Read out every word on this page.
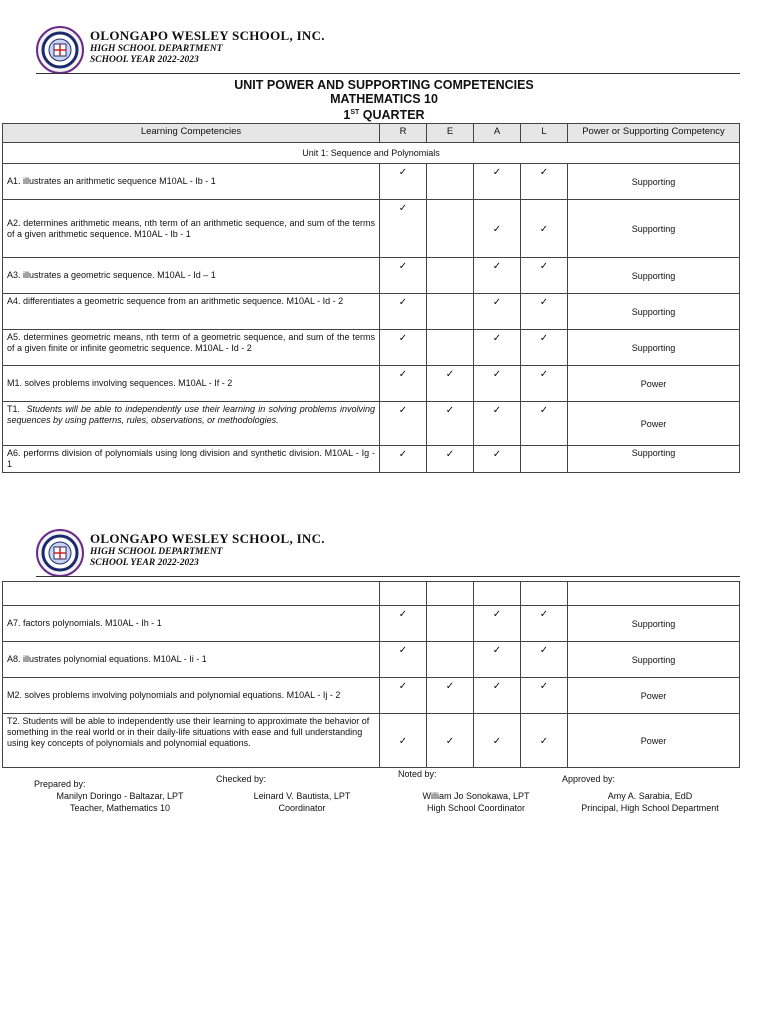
OLONGAPO WESLEY SCHOOL, INC.
HIGH SCHOOL DEPARTMENT
SCHOOL YEAR 2022-2023
UNIT POWER AND SUPPORTING COMPETENCIES
MATHEMATICS 10
1ST QUARTER
Learning Competencies	R	E	A	L	Power or Supporting Competency
Unit 1: Sequence and Polynomials					
A1. illustrates an arithmetic sequence M10AL - Ib - 1	✓		✓	✓	Supporting
A2. determines arithmetic means, nth term of an arithmetic sequence, and sum of the terms of a given arithmetic sequence. M10AL - Ib - 1	✓		✓	✓	Supporting
A3. illustrates a geometric sequence. M10AL - Id – 1	✓		✓	✓	Supporting
A4. differentiates a geometric sequence from an arithmetic sequence. M10AL - Id - 2	✓		✓	✓	Supporting
A5. determines geometric means, nth term of a geometric sequence, and sum of the terms of a given finite or infinite geometric sequence. M10AL - Id - 2	✓		✓	✓	Supporting
M1. solves problems involving sequences. M10AL - If - 2	✓	✓	✓	✓	Power
T1. Students will be able to independently use their learning in solving problems involving sequences by using patterns, rules, observations, or methodologies.	✓	✓	✓	✓	Power
A6. performs division of polynomials using long division and synthetic division. M10AL - Ig - 1	✓	✓	✓		Supporting
OLONGAPO WESLEY SCHOOL, INC.
HIGH SCHOOL DEPARTMENT
SCHOOL YEAR 2022-2023

A7. factors polynomials. M10AL - Ih - 1	✓		✓	✓	Supporting
A8. illustrates polynomial equations. M10AL - Ii - 1	✓		✓	✓	Supporting
M2. solves problems involving polynomials and polynomial equations. M10AL - Ij - 2	✓	✓	✓	✓	Power
T2. Students will be able to independently use their learning to approximate the behavior of something in the real world or in their daily-life situations with ease and full understanding using key concepts of polynomials and polynomial equations.	✓	✓	✓	✓	Power
Prepared by:
Manilyn Doringo - Baltazar, LPT
Teacher, Mathematics 10
Checked by:
Leinard V. Bautista, LPT
Coordinator
Noted by:
William Jo Sonokawa, LPT
High School Coordinator
Approved by:
Amy A. Sarabia, EdD
Principal, High School Department
